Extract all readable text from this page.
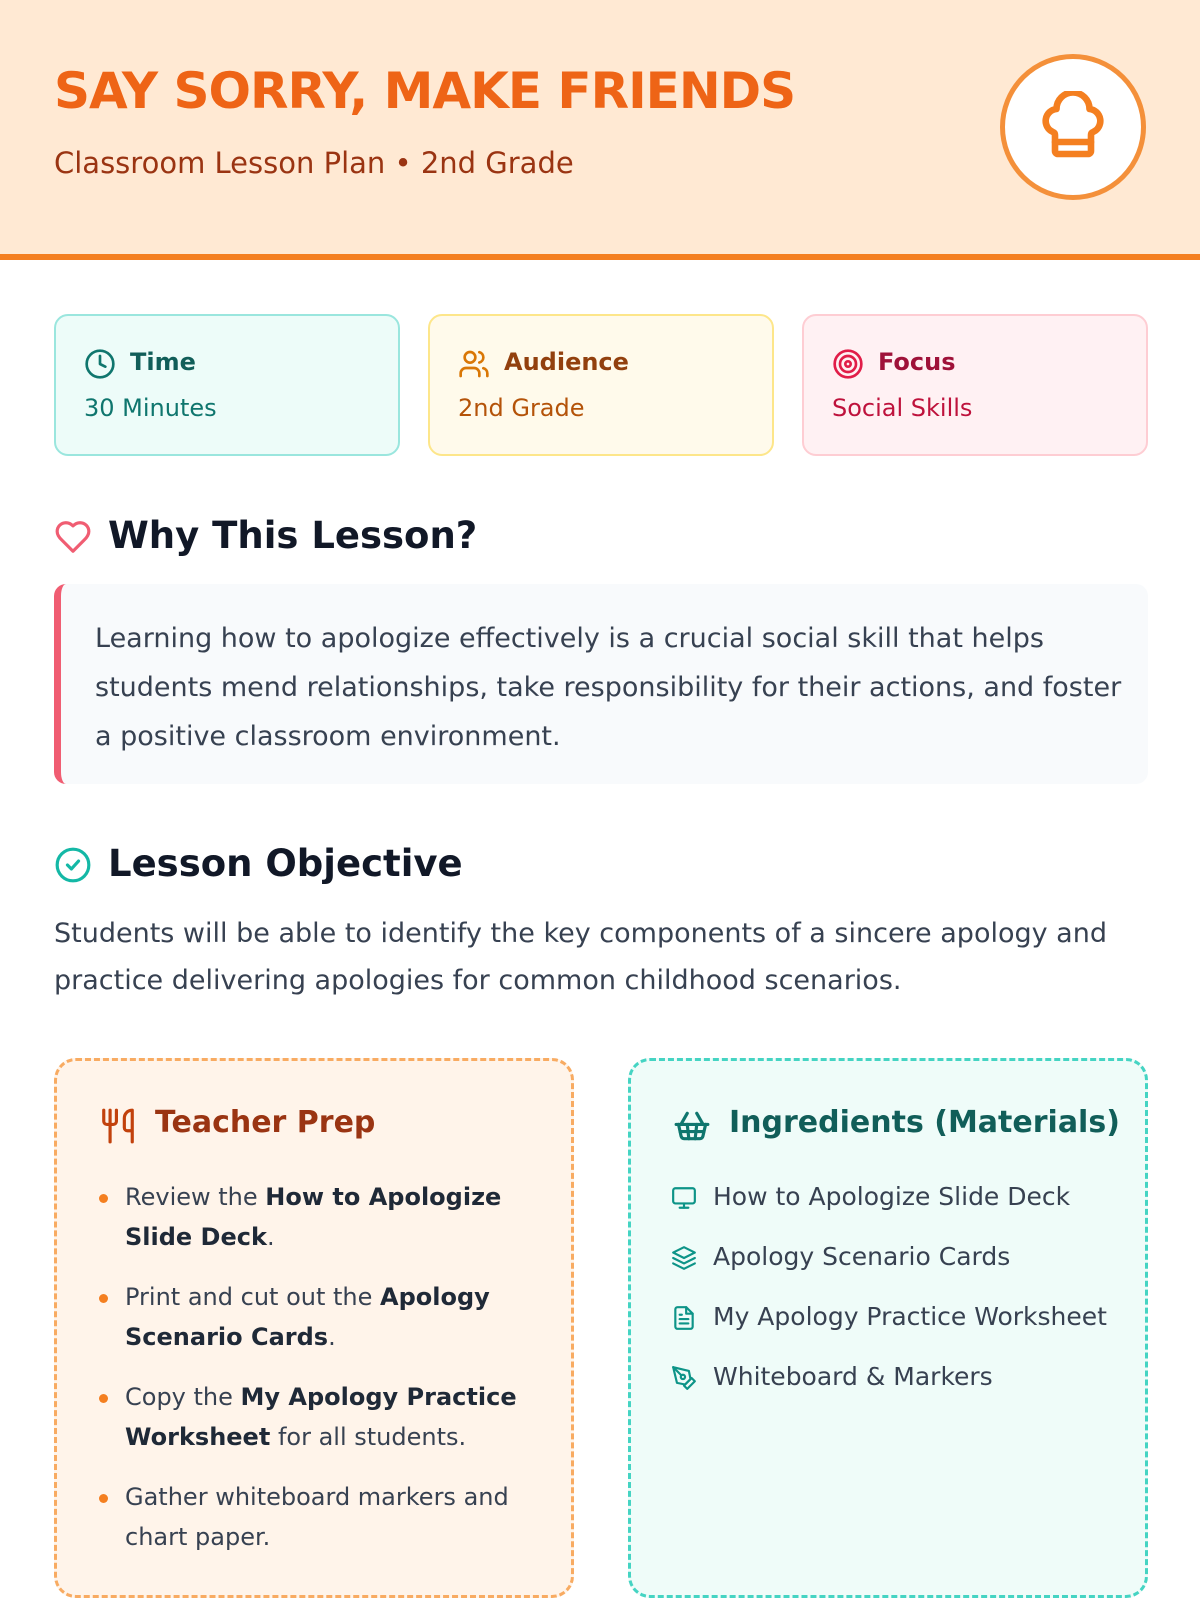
SAY SORRY, MAKE FRIENDS
Classroom Lesson Plan • 2nd Grade
Time
30 Minutes
Audience
2nd Grade
Focus
Social Skills
Why This Lesson?
Learning how to apologize effectively is a crucial social skill that helps students mend relationships, take responsibility for their actions, and foster a positive classroom environment.
Lesson Objective
Students will be able to identify the key components of a sincere apology and practice delivering apologies for common childhood scenarios.
Teacher Prep
Review the How to Apologize Slide Deck.
Print and cut out the Apology Scenario Cards.
Copy the My Apology Practice Worksheet for all students.
Gather whiteboard markers and chart paper.
Ingredients (Materials)
How to Apologize Slide Deck
Apology Scenario Cards
My Apology Practice Worksheet
Whiteboard & Markers
